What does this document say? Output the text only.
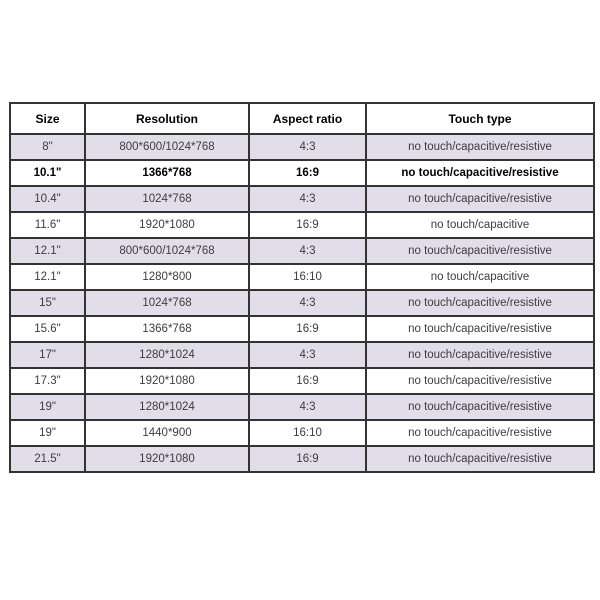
Size	Resolution	Aspect ratio	Touch type
8"	800*600/1024*768	4:3	no touch/capacitive/resistive
10.1"	1366*768	16:9	no touch/capacitive/resistive
10.4"	1024*768	4:3	no touch/capacitive/resistive
11.6"	1920*1080	16:9	no touch/capacitive
12.1"	800*600/1024*768	4:3	no touch/capacitive/resistive
12.1"	1280*800	16:10	no touch/capacitive
15"	1024*768	4:3	no touch/capacitive/resistive
15.6"	1366*768	16:9	no touch/capacitive/resistive
17"	1280*1024	4:3	no touch/capacitive/resistive
17.3"	1920*1080	16:9	no touch/capacitive/resistive
19"	1280*1024	4:3	no touch/capacitive/resistive
19"	1440*900	16:10	no touch/capacitive/resistive
21.5"	1920*1080	16:9	no touch/capacitive/resistive
